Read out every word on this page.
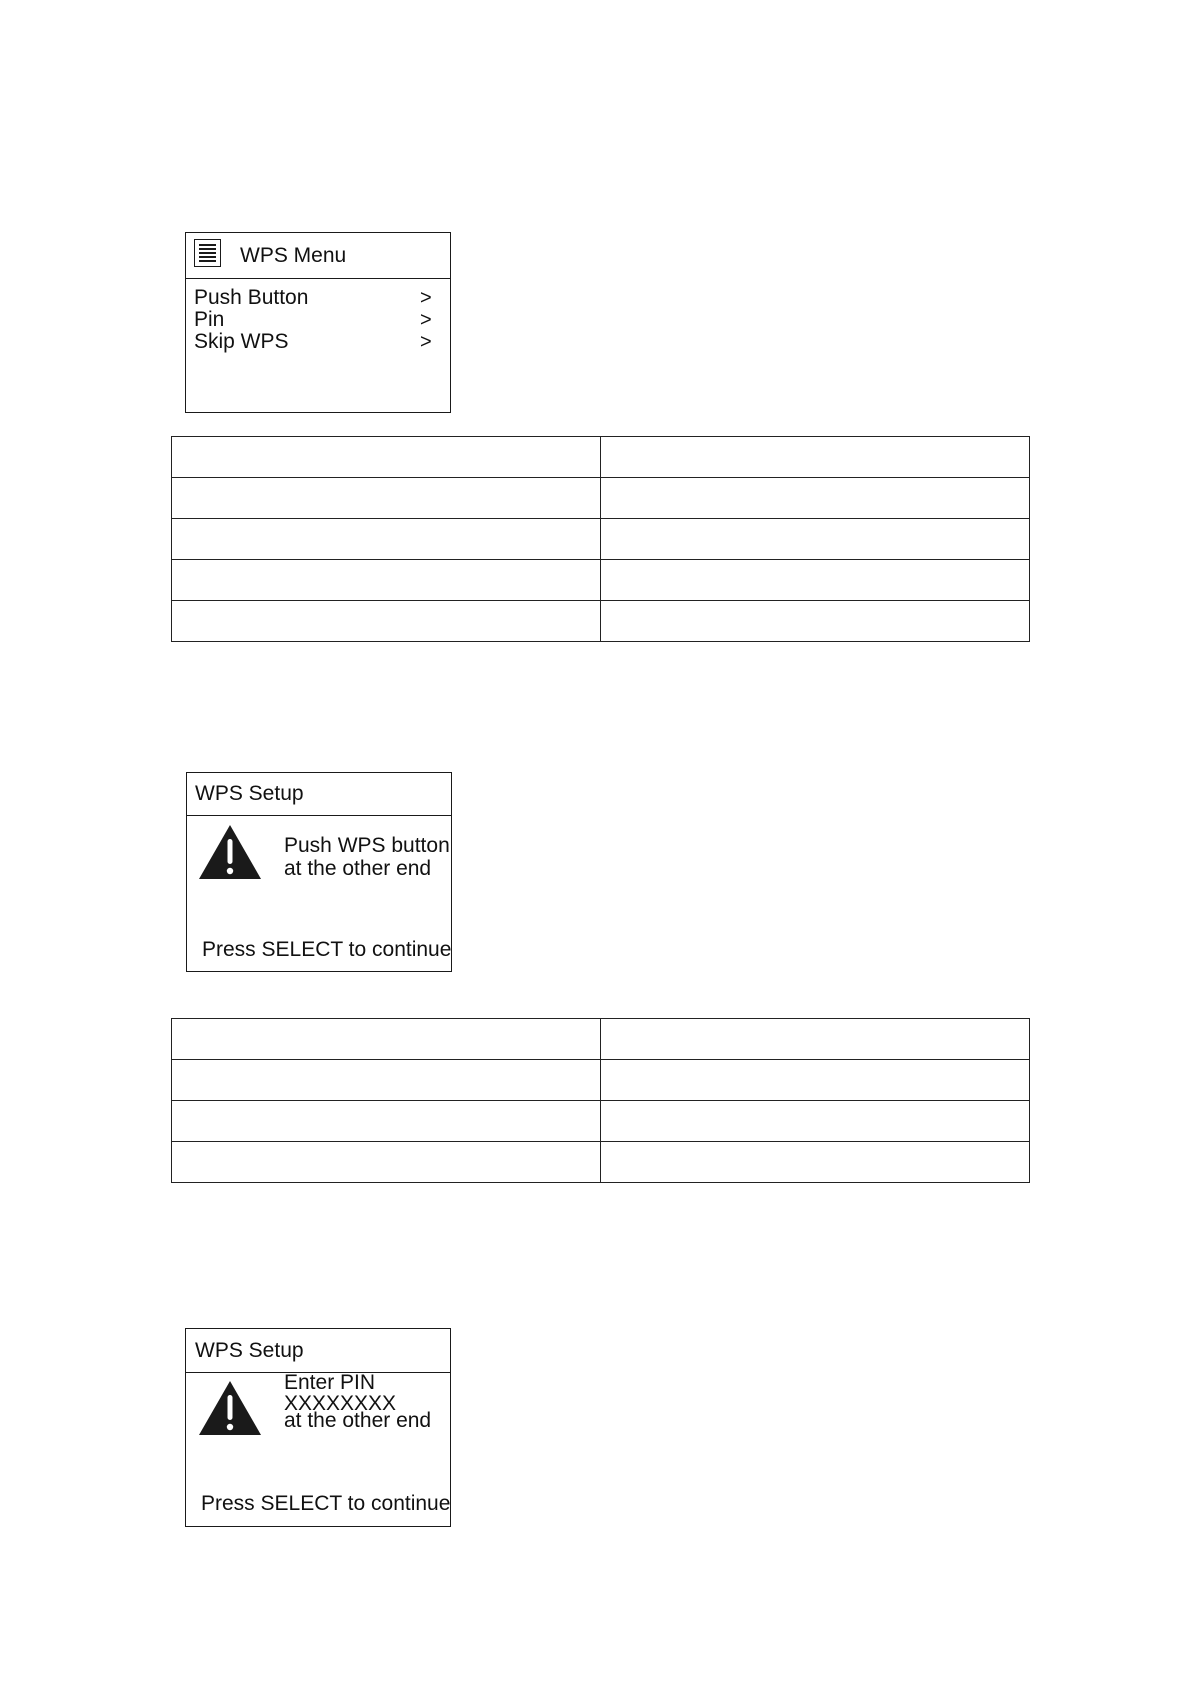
WPS Menu
Push Button	>
Pin	>
Skip WPS	>

WPS Setup
Push WPS button
at the other end
Press SELECT to continue

WPS Setup
Enter PIN
XXXXXXXX
at the other end
Press SELECT to continue
